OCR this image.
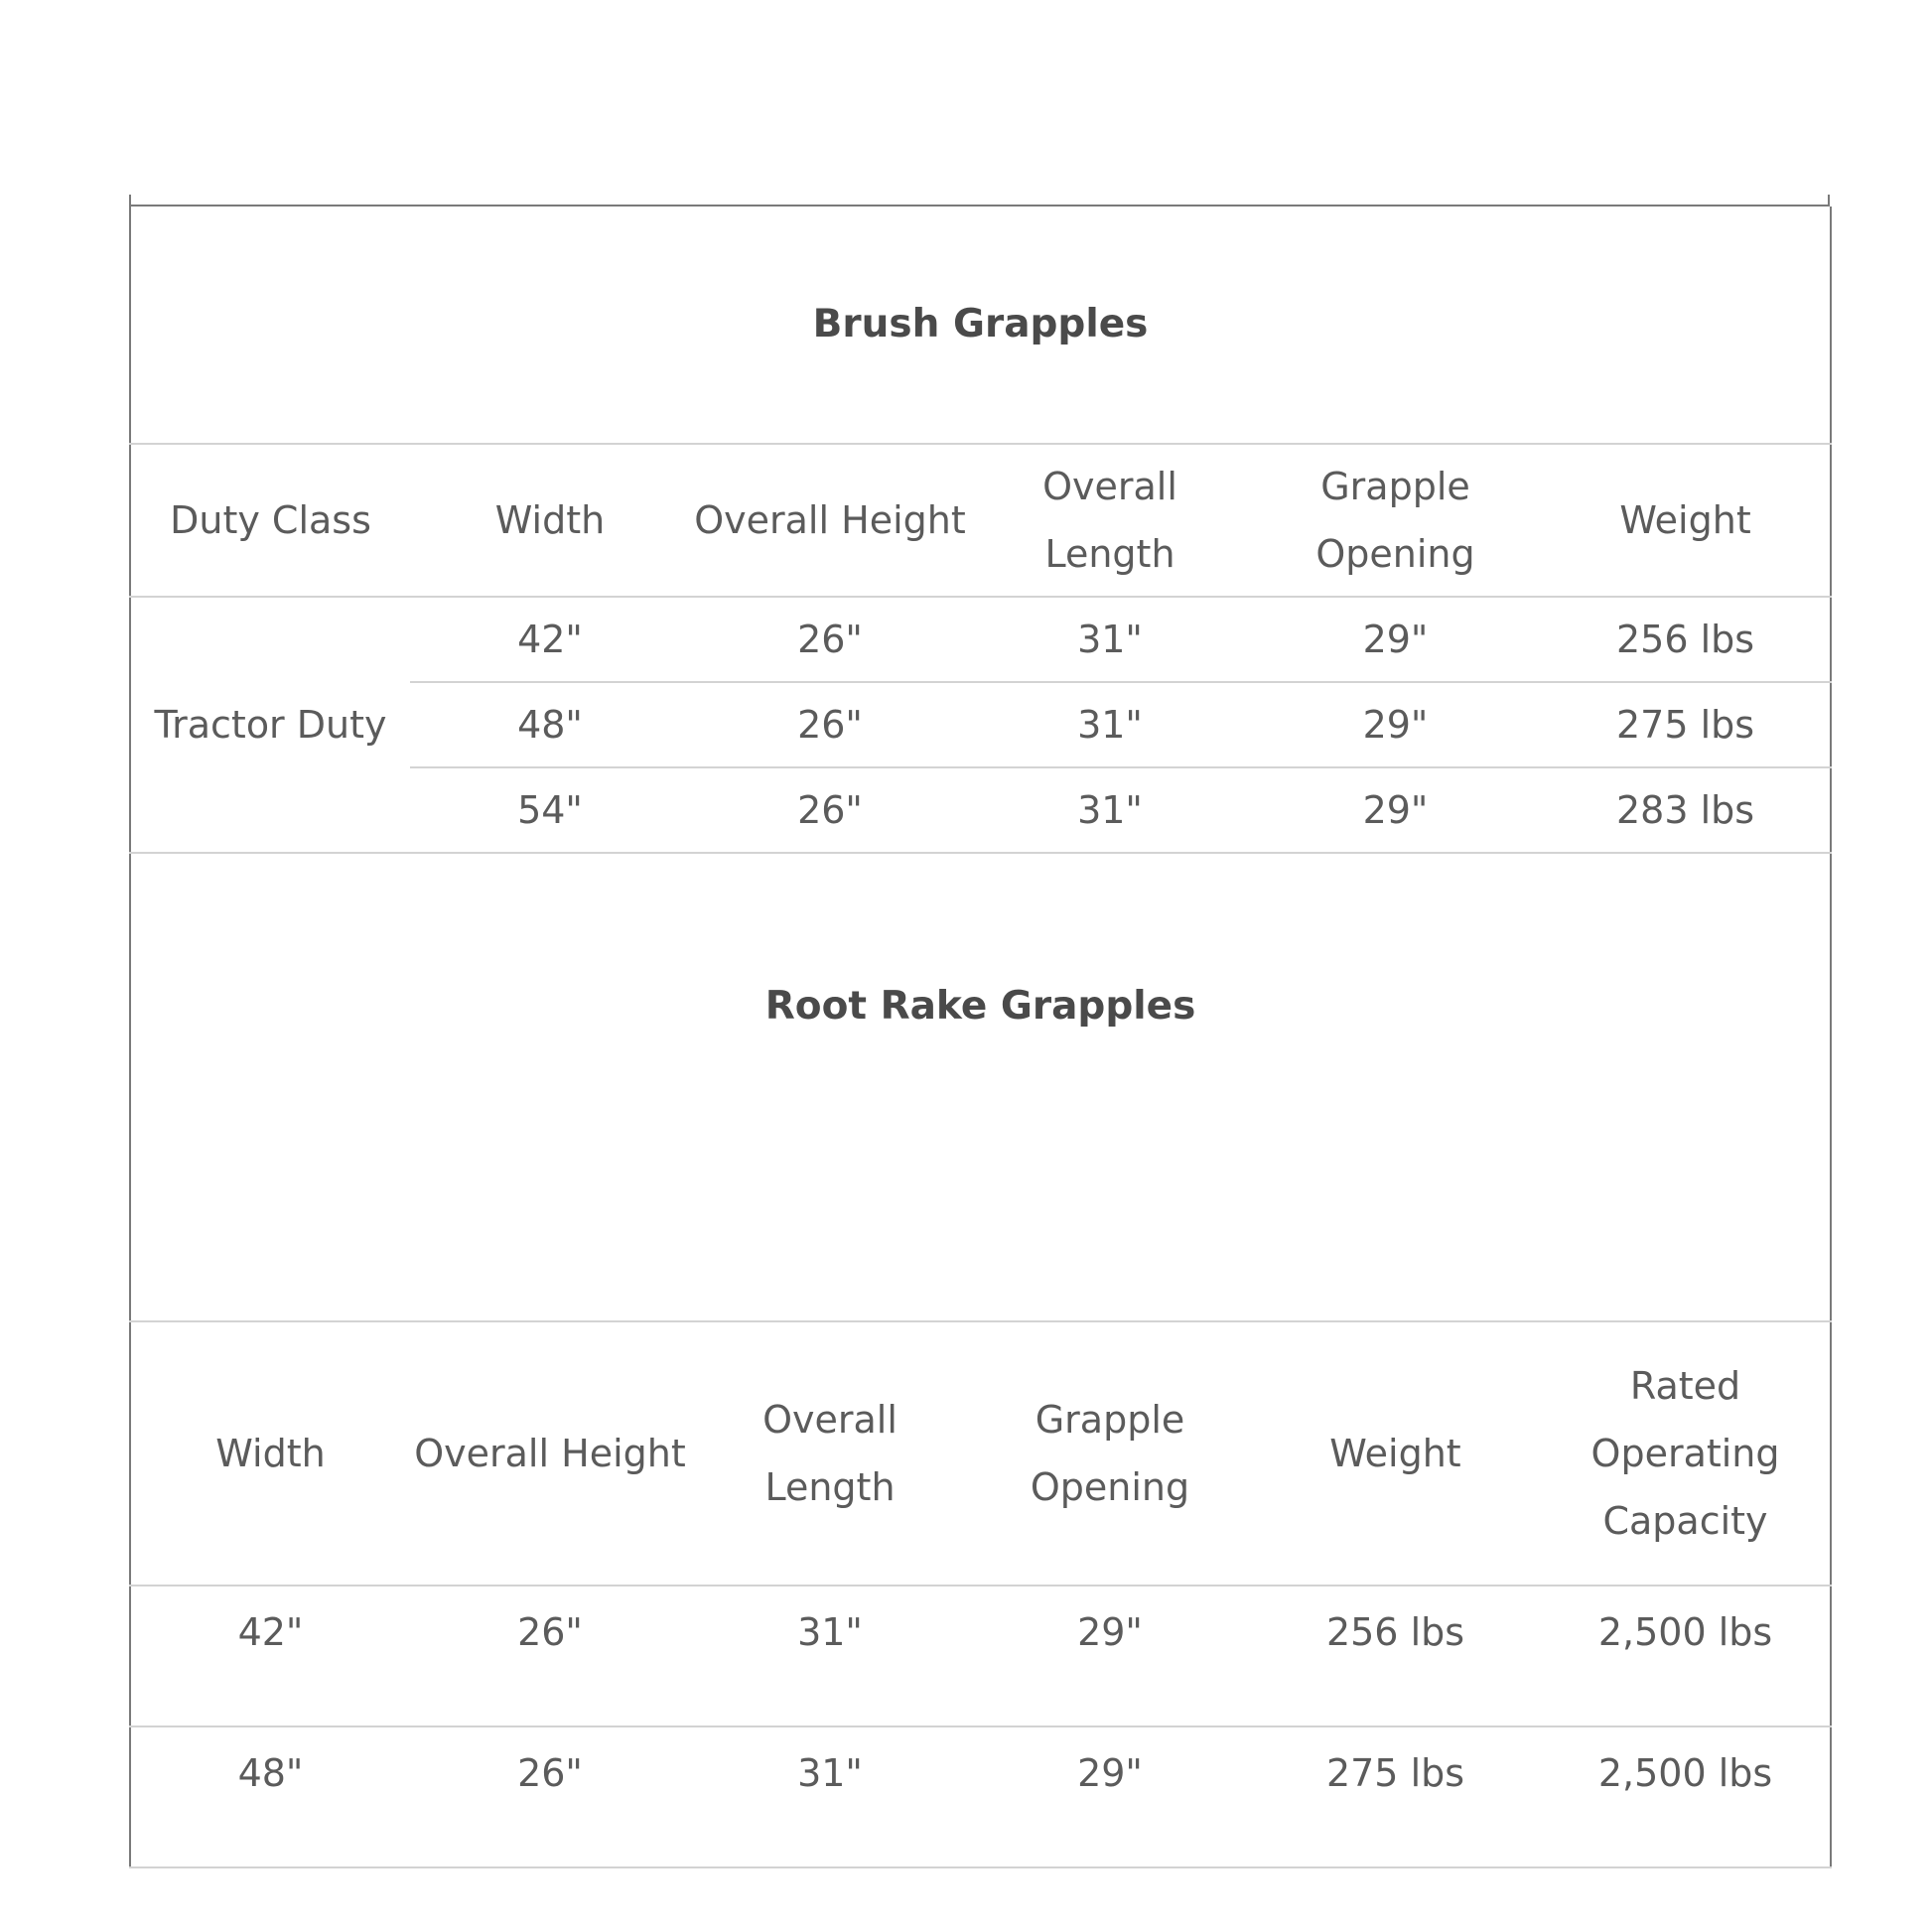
Brush Grapples					
Duty Class	Width	Overall Height	Overall Length	Grapple Opening	Weight
Tractor Duty	42"	26"	31"	29"	256 lbs
	48"	26"	31"	29"	275 lbs
	54"	26"	31"	29"	283 lbs
Root Rake Grapples					
Width	Overall Height	Overall Length	Grapple Opening	Weight	Rated Operating Capacity
42"	26"	31"	29"	256 lbs	2,500 lbs
48"	26"	31"	29"	275 lbs	2,500 lbs
